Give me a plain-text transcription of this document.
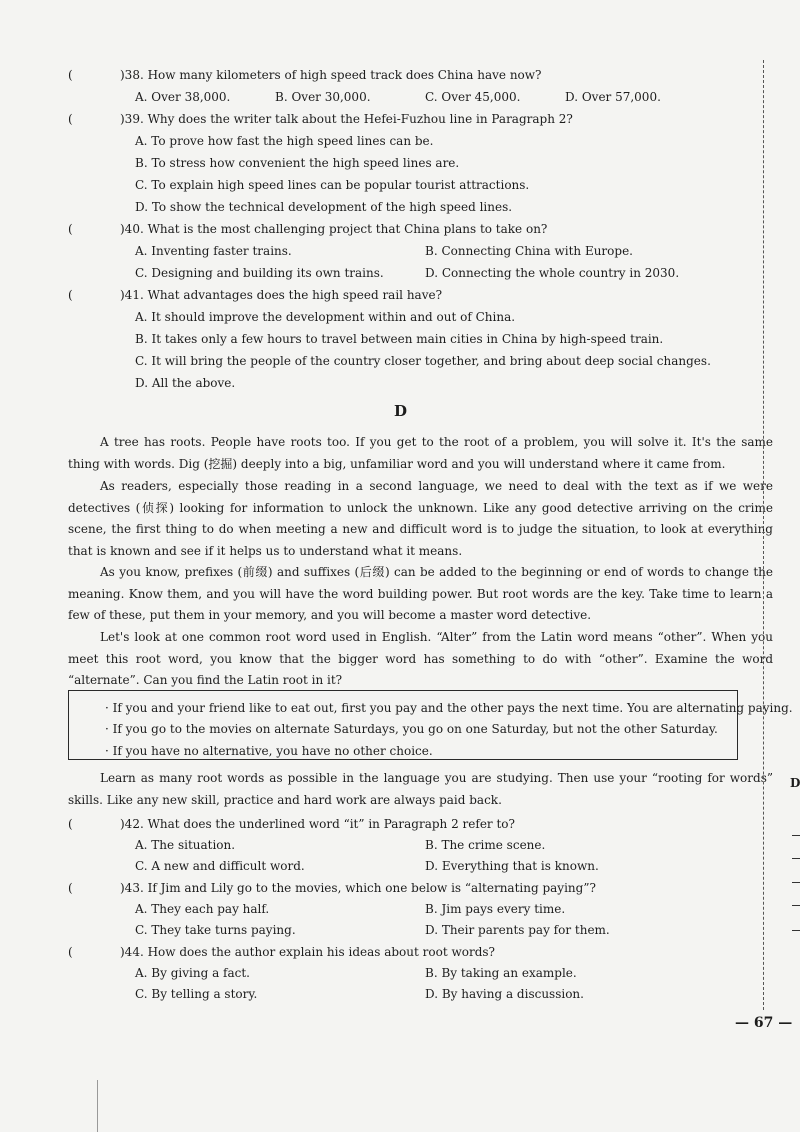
(	)38. How many kilometers of high speed track does China have now?
A. Over 38,000.	B. Over 30,000.	C. Over 45,000.	D. Over 57,000.
(	)39. Why does the writer talk about the Hefei-Fuzhou line in Paragraph 2?
A. To prove how fast the high speed lines can be.
B. To stress how convenient the high speed lines are.
C. To explain high speed lines can be popular tourist attractions.
D. To show the technical development of the high speed lines.
(	)40. What is the most challenging project that China plans to take on?
A. Inventing faster trains.	B. Connecting China with Europe.
C. Designing and building its own trains.	D. Connecting the whole country in 2030.
(	)41. What advantages does the high speed rail have?
A. It should improve the development within and out of China.
B. It takes only a few hours to travel between main cities in China by high-speed train.
C. It will bring the people of the country closer together, and bring about deep social changes.
D. All the above.
D
A tree has roots. People have roots too. If you get to the root of a problem, you will solve it. It's the same thing with words. Dig (挖掘) deeply into a big, unfamiliar word and you will understand where it came from.
As readers, especially those reading in a second language, we need to deal with the text as if we were detectives (侦探) looking for information to unlock the unknown. Like any good detective arriving on the crime scene, the first thing to do when meeting a new and difficult word is to judge the situation, to look at everything that is known and see if it helps us to understand what it means.
As you know, prefixes (前缀) and suffixes (后缀) can be added to the beginning or end of words to change the meaning. Know them, and you will have the word building power. But root words are the key. Take time to learn a few of these, put them in your memory, and you will become a master word detective.
Let's look at one common root word used in English. “Alter” from the Latin word means “other”. When you meet this root word, you know that the bigger word has something to do with “other”. Examine the word “alternate”. Can you find the Latin root in it?
· If you and your friend like to eat out, first you pay and the other pays the next time. You are alternating paying.
· If you go to the movies on alternate Saturdays, you go on one Saturday, but not the other Saturday.
· If you have no alternative, you have no other choice.
Learn as many root words as possible in the language you are studying. Then use your “rooting for words” skills. Like any new skill, practice and hard work are always paid back.
(	)42. What does the underlined word “it” in Paragraph 2 refer to?
A. The situation.	B. The crime scene.
C. A new and difficult word.	D. Everything that is known.
(	)43. If Jim and Lily go to the movies, which one below is “alternating paying”?
A. They each pay half.	B. Jim pays every time.
C. They take turns paying.	D. Their parents pay for them.
(	)44. How does the author explain his ideas about root words?
A. By giving a fact.	B. By taking an example.
C. By telling a story.	D. By having a discussion.
D
— 67 —
